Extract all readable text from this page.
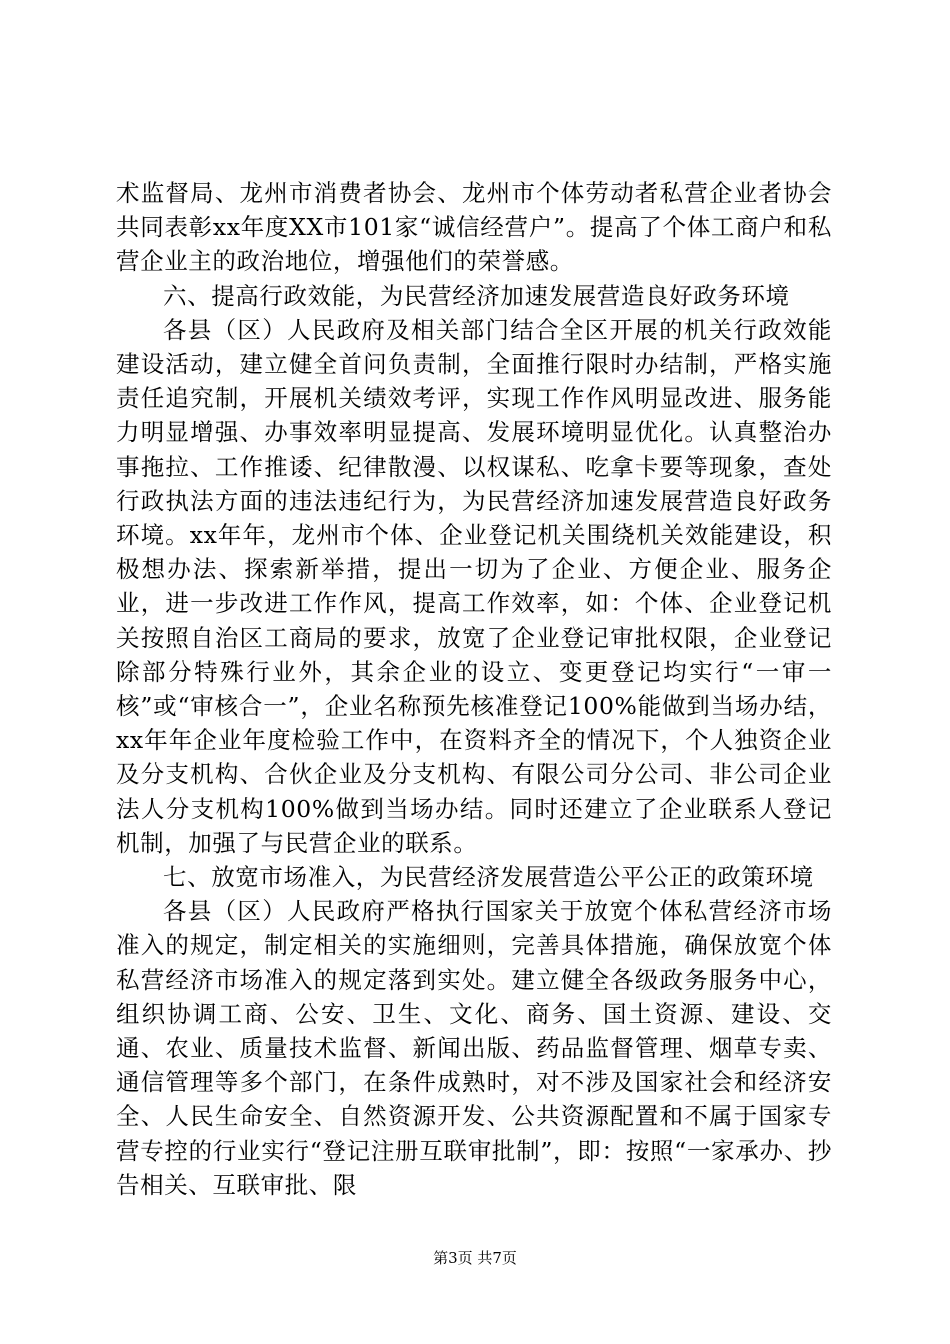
术监督局、龙州市消费者协会、龙州市个体劳动者私营企业者协会共同表彰xx年度XX市101家“诚信经营户”。提高了个体工商户和私营企业主的政治地位，增强他们的荣誉感。

六、提高行政效能，为民营经济加速发展营造良好政务环境

各县（区）人民政府及相关部门结合全区开展的机关行政效能建设活动，建立健全首问负责制，全面推行限时办结制，严格实施责任追究制，开展机关绩效考评，实现工作作风明显改进、服务能力明显增强、办事效率明显提高、发展环境明显优化。认真整治办事拖拉、工作推诿、纪律散漫、以权谋私、吃拿卡要等现象，查处行政执法方面的违法违纪行为，为民营经济加速发展营造良好政务环境。xx年年，龙州市个体、企业登记机关围绕机关效能建设，积极想办法、探索新举措，提出一切为了企业、方便企业、服务企业，进一步改进工作作风，提高工作效率，如：个体、企业登记机关按照自治区工商局的要求，放宽了企业登记审批权限，企业登记除部分特殊行业外，其余企业的设立、变更登记均实行“一审一核”或“审核合一”，企业名称预先核准登记100%能做到当场办结，xx年年企业年度检验工作中，在资料齐全的情况下，个人独资企业及分支机构、合伙企业及分支机构、有限公司分公司、非公司企业法人分支机构100%做到当场办结。同时还建立了企业联系人登记机制，加强了与民营企业的联系。

七、放宽市场准入，为民营经济发展营造公平公正的政策环境

各县（区）人民政府严格执行国家关于放宽个体私营经济市场准入的规定，制定相关的实施细则，完善具体措施，确保放宽个体私营经济市场准入的规定落到实处。建立健全各级政务服务中心，组织协调工商、公安、卫生、文化、商务、国土资源、建设、交通、农业、质量技术监督、新闻出版、药品监督管理、烟草专卖、通信管理等多个部门，在条件成熟时，对不涉及国家社会和经济安全、人民生命安全、自然资源开发、公共资源配置和不属于国家专营专控的行业实行“登记注册互联审批制”，即：按照“一家承办、抄告相关、互联审批、限

第3页 共7页
